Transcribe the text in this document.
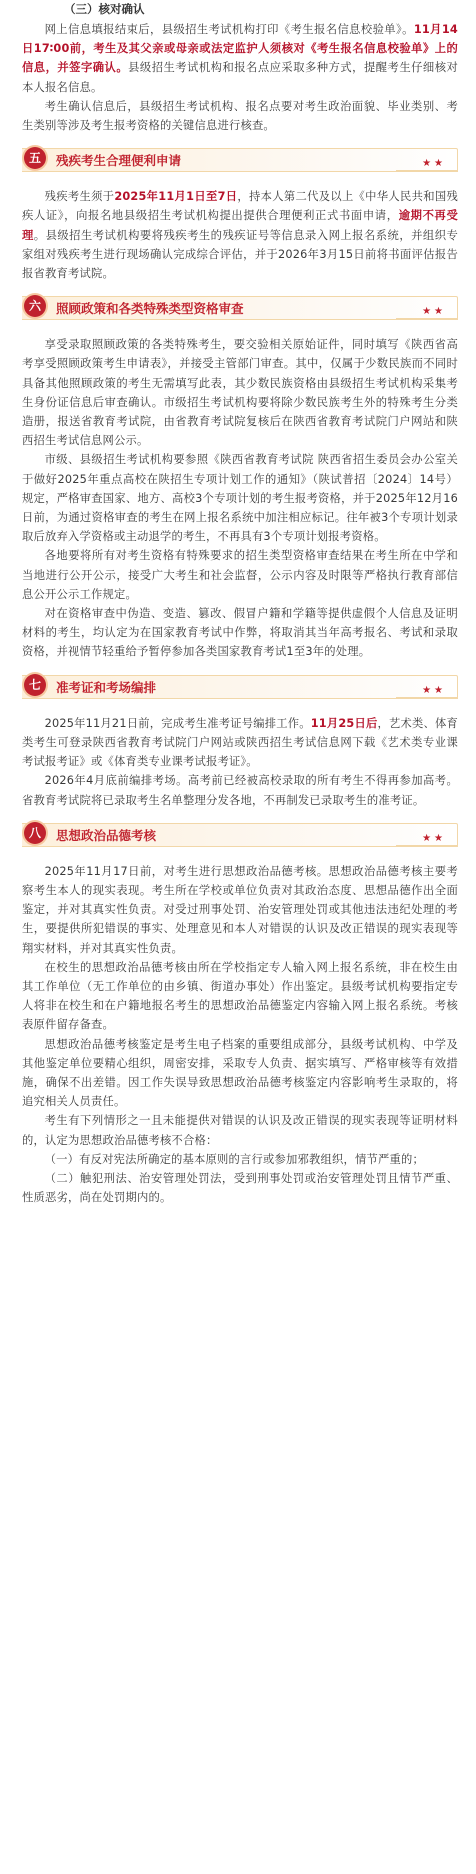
（三）核对确认

网上信息填报结束后，县级招生考试机构打印《考生报名信息校验单》。11月14日17∶00前，考生及其父亲或母亲或法定监护人须核对《考生报名信息校验单》上的信息，并签字确认。县级招生考试机构和报名点应采取多种方式，提醒考生仔细核对本人报名信息。

考生确认信息后，县级招生考试机构、报名点要对考生政治面貌、毕业类别、考生类别等涉及考生报考资格的关键信息进行核查。

五	残疾考生合理便利申请	★★

残疾考生须于2025年11月1日至7日，持本人第二代及以上《中华人民共和国残疾人证》，向报名地县级招生考试机构提出提供合理便利正式书面申请，逾期不再受理。县级招生考试机构要将残疾考生的残疾证号等信息录入网上报名系统，并组织专家组对残疾考生进行现场确认完成综合评估，并于2026年3月15日前将书面评估报告报省教育考试院。

六	照顾政策和各类特殊类型资格审查	★★

享受录取照顾政策的各类特殊考生，要交验相关原始证件，同时填写《陕西省高考享受照顾政策考生申请表》，并接受主管部门审查。其中，仅属于少数民族而不同时具备其他照顾政策的考生无需填写此表，其少数民族资格由县级招生考试机构采集考生身份证信息后审查确认。市级招生考试机构要将除少数民族考生外的特殊考生分类造册，报送省教育考试院，由省教育考试院复核后在陕西省教育考试院门户网站和陕西招生考试信息网公示。

市级、县级招生考试机构要参照《陕西省教育考试院 陕西省招生委员会办公室关于做好2025年重点高校在陕招生专项计划工作的通知》（陕试普招〔2024〕14号）规定，严格审查国家、地方、高校3个专项计划的考生报考资格，并于2025年12月16日前，为通过资格审查的考生在网上报名系统中加注相应标记。往年被3个专项计划录取后放弃入学资格或主动退学的考生，不再具有3个专项计划报考资格。

各地要将所有对考生资格有特殊要求的招生类型资格审查结果在考生所在中学和当地进行公开公示，接受广大考生和社会监督，公示内容及时限等严格执行教育部信息公开公示工作规定。

对在资格审查中伪造、变造、篡改、假冒户籍和学籍等提供虚假个人信息及证明材料的考生，均认定为在国家教育考试中作弊，将取消其当年高考报名、考试和录取资格，并视情节轻重给予暂停参加各类国家教育考试1至3年的处理。

七	准考证和考场编排	★★

2025年11月21日前，完成考生准考证号编排工作。11月25日后，艺术类、体育类考生可登录陕西省教育考试院门户网站或陕西招生考试信息网下载《艺术类专业课考试报考证》或《体育类专业课考试报考证》。

2026年4月底前编排考场。高考前已经被高校录取的所有考生不得再参加高考。省教育考试院将已录取考生名单整理分发各地，不再制发已录取考生的准考证。

八	思想政治品德考核	★★

2025年11月17日前，对考生进行思想政治品德考核。思想政治品德考核主要考察考生本人的现实表现。考生所在学校或单位负责对其政治态度、思想品德作出全面鉴定，并对其真实性负责。对受过刑事处罚、治安管理处罚或其他违法违纪处理的考生，要提供所犯错误的事实、处理意见和本人对错误的认识及改正错误的现实表现等翔实材料，并对其真实性负责。

在校生的思想政治品德考核由所在学校指定专人输入网上报名系统，非在校生由其工作单位（无工作单位的由乡镇、街道办事处）作出鉴定。县级考试机构要指定专人将非在校生和在户籍地报名考生的思想政治品德鉴定内容输入网上报名系统。考核表原件留存备查。

思想政治品德考核鉴定是考生电子档案的重要组成部分，县级考试机构、中学及其他鉴定单位要精心组织，周密安排，采取专人负责、据实填写、严格审核等有效措施，确保不出差错。因工作失误导致思想政治品德考核鉴定内容影响考生录取的，将追究相关人员责任。

考生有下列情形之一且未能提供对错误的认识及改正错误的现实表现等证明材料的，认定为思想政治品德考核不合格：

（一）有反对宪法所确定的基本原则的言行或参加邪教组织，情节严重的；

（二）触犯刑法、治安管理处罚法，受到刑事处罚或治安管理处罚且情节严重、性质恶劣，尚在处罚期内的。
